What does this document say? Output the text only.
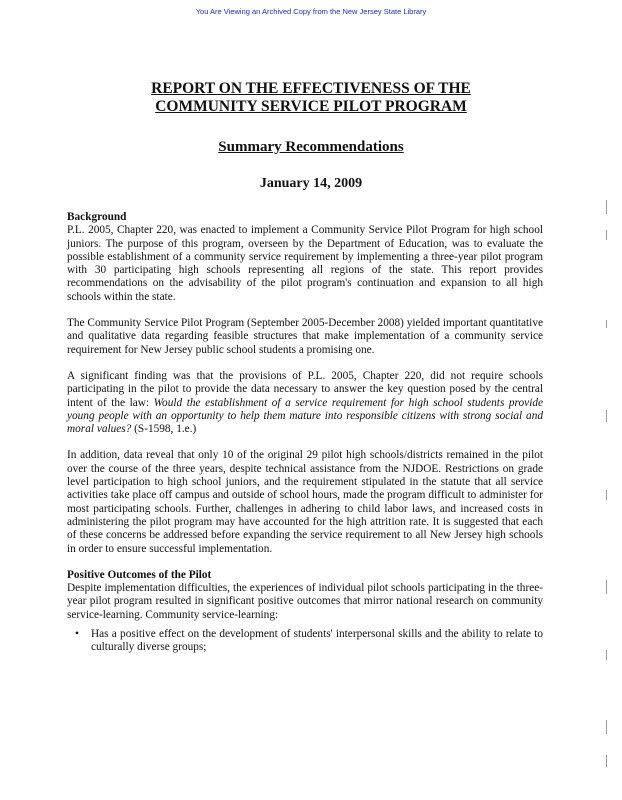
You Are Viewing an Archived Copy from the New Jersey State Library
REPORT ON THE EFFECTIVENESS OF THE
COMMUNITY SERVICE PILOT PROGRAM
Summary Recommendations
January 14, 2009

Background
P.L. 2005, Chapter 220, was enacted to implement a Community Service Pilot Program for high school juniors. The purpose of this program, overseen by the Department of Education, was to evaluate the possible establishment of a community service requirement by implementing a three-year pilot program with 30 participating high schools representing all regions of the state. This report provides recommendations on the advisability of the pilot program's continuation and expansion to all high schools within the state.

The Community Service Pilot Program (September 2005-December 2008) yielded important quantitative and qualitative data regarding feasible structures that make implementation of a community service requirement for New Jersey public school students a promising one.

A significant finding was that the provisions of P.L. 2005, Chapter 220, did not require schools participating in the pilot to provide the data necessary to answer the key question posed by the central intent of the law: Would the establishment of a service requirement for high school students provide young people with an opportunity to help them mature into responsible citizens with strong social and moral values? (S-1598, 1.e.)

In addition, data reveal that only 10 of the original 29 pilot high schools/districts remained in the pilot over the course of the three years, despite technical assistance from the NJDOE. Restrictions on grade level participation to high school juniors, and the requirement stipulated in the statute that all service activities take place off campus and outside of school hours, made the program difficult to administer for most participating schools. Further, challenges in adhering to child labor laws, and increased costs in administering the pilot program may have accounted for the high attrition rate. It is suggested that each of these concerns be addressed before expanding the service requirement to all New Jersey high schools in order to ensure successful implementation.

Positive Outcomes of the Pilot
Despite implementation difficulties, the experiences of individual pilot schools participating in the three-year pilot program resulted in significant positive outcomes that mirror national research on community service-learning. Community service-learning:

• Has a positive effect on the development of students' interpersonal skills and the ability to relate to culturally diverse groups;
